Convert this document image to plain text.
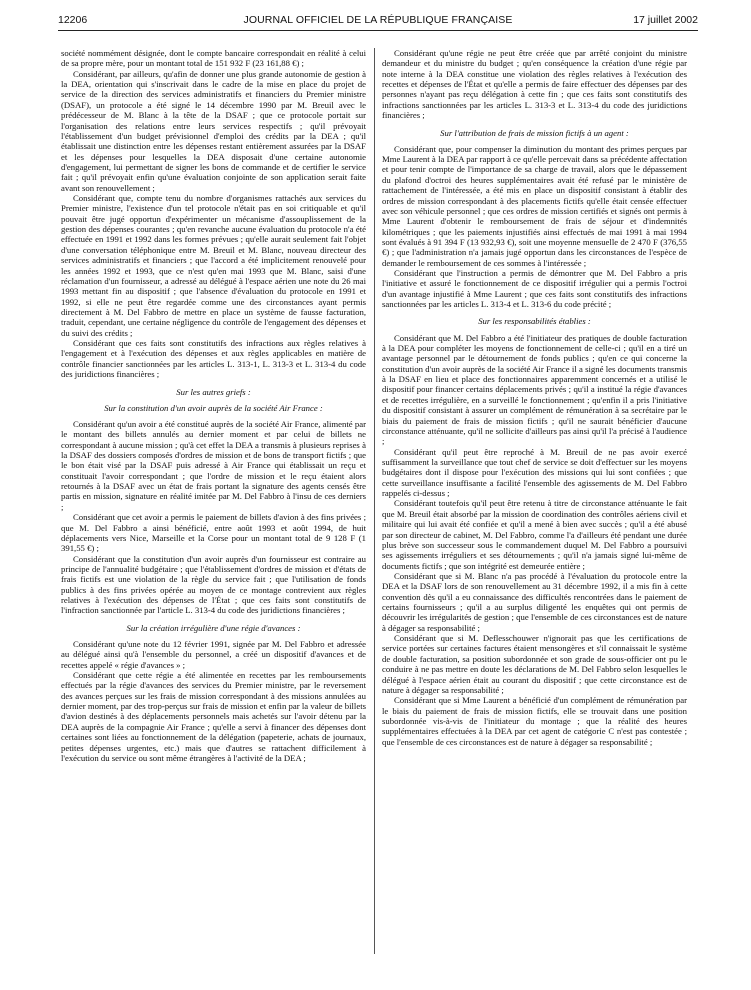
JOURNAL OFFICIEL DE LA RÉPUBLIQUE FRANÇAISE
12206	17 juillet 2002

société nommément désignée, dont le compte bancaire correspondait en réalité à celui de sa propre mère, pour un montant total de 151 932 F (23 161,88 €) ;

Considérant, par ailleurs, qu'afin de donner une plus grande autonomie de gestion à la DEA, orientation qui s'inscrivait dans le cadre de la mise en place du projet de service de la direction des services administratifs et financiers du Premier ministre (DSAF), un protocole a été signé le 14 décembre 1990 par M. Breuil avec le prédécesseur de M. Blanc à la tête de la DSAF ; que ce protocole portait sur l'organisation des relations entre leurs services respectifs ; qu'il prévoyait l'établissement d'un budget prévisionnel d'emploi des crédits par la DEA ; qu'il établissait une distinction entre les dépenses restant entièrement assurées par la DSAF et les dépenses pour lesquelles la DEA disposait d'une certaine autonomie d'engagement, lui permettant de signer les bons de commande et de certifier le service fait ; qu'il prévoyait enfin qu'une évaluation conjointe de son application serait faite avant son renouvellement ;

Considérant que, compte tenu du nombre d'organismes rattachés aux services du Premier ministre, l'existence d'un tel protocole n'était pas en soi critiquable et qu'il pouvait être jugé opportun d'expérimenter un mécanisme d'assouplissement de la gestion des dépenses courantes ; qu'en revanche aucune évaluation du protocole n'a été effectuée en 1991 et 1992 dans les formes prévues ; qu'elle aurait seulement fait l'objet d'une conversation téléphonique entre M. Breuil et M. Blanc, nouveau directeur des services administratifs et financiers ; que l'accord a été implicitement renouvelé pour les années 1992 et 1993, que ce n'est qu'en mai 1993 que M. Blanc, saisi d'une réclamation d'un fournisseur, a adressé au délégué à l'espace aérien une note du 26 mai 1993 mettant fin au dispositif ; que l'absence d'évaluation du protocole en 1991 et 1992, si elle ne peut être regardée comme une des circonstances ayant permis directement à M. Del Fabbro de mettre en place un système de fausse facturation, traduit, cependant, une certaine négligence du contrôle de l'engagement des dépenses et du suivi des crédits ;

Considérant que ces faits sont constitutifs des infractions aux règles relatives à l'engagement et à l'exécution des dépenses et aux règles applicables en matière de contrôle financier sanctionnées par les articles L. 313-1, L. 313-3 et L. 313-4 du code des juridictions financières ;

Sur les autres griefs :

Sur la constitution d'un avoir auprès de la société Air France :

Considérant qu'un avoir a été constitué auprès de la société Air France, alimenté par le montant des billets annulés au dernier moment et par celui de billets ne correspondant à aucune mission ; qu'à cet effet la DEA a transmis à plusieurs reprises à la DSAF des dossiers composés d'ordres de mission et de bons de transport fictifs ; que le bon était visé par la DSAF puis adressé à Air France qui établissait un reçu et constituait l'avoir correspondant ; que l'ordre de mission et le reçu étaient alors retournés à la DSAF avec un état de frais portant la signature des agents censés être partis en mission, signature en réalité imitée par M. Del Fabbro à l'insu de ces derniers ;

Considérant que cet avoir a permis le paiement de billets d'avion à des fins privées ; que M. Del Fabbro a ainsi bénéficié, entre août 1993 et août 1994, de huit déplacements vers Nice, Marseille et la Corse pour un montant total de 9 128 F (1 391,55 €) ;

Considérant que la constitution d'un avoir auprès d'un fournisseur est contraire au principe de l'annualité budgétaire ; que l'établissement d'ordres de mission et d'états de frais fictifs est une violation de la règle du service fait ; que l'utilisation de fonds publics à des fins privées opérée au moyen de ce montage contrevient aux règles relatives à l'exécution des dépenses de l'État ; que ces faits sont constitutifs de l'infraction sanctionnée par l'article L. 313-4 du code des juridictions financières ;

Sur la création irrégulière d'une régie d'avances :

Considérant qu'une note du 12 février 1991, signée par M. Del Fabbro et adressée au délégué ainsi qu'à l'ensemble du personnel, a créé un dispositif d'avances et de recettes appelé « régie d'avances » ;

Considérant que cette régie a été alimentée en recettes par les remboursements effectués par la régie d'avances des services du Premier ministre, par le reversement des avances perçues sur les frais de mission correspondant à des missions annulées au dernier moment, par des trop-perçus sur frais de mission et enfin par la valeur de billets d'avion destinés à des déplacements personnels mais achetés sur l'avoir détenu par la DEA auprès de la compagnie Air France ; qu'elle a servi à financer des dépenses dont certaines sont liées au fonctionnement de la délégation (papeterie, achats de journaux, petites dépenses urgentes, etc.) mais que d'autres se rattachent difficilement à l'exécution du service ou sont même étrangères à l'activité de la DEA ;

Considérant qu'une régie ne peut être créée que par arrêté conjoint du ministre demandeur et du ministre du budget ; qu'en conséquence la création d'une régie par note interne à la DEA constitue une violation des règles relatives à l'exécution des recettes et dépenses de l'État et qu'elle a permis de faire effectuer des dépenses par des personnes n'ayant pas reçu délégation à cette fin ; que ces faits sont constitutifs des infractions sanctionnées par les articles L. 313-3 et L. 313-4 du code des juridictions financières ;

Sur l'attribution de frais de mission fictifs à un agent :

Considérant que, pour compenser la diminution du montant des primes perçues par Mme Laurent à la DEA par rapport à ce qu'elle percevait dans sa précédente affectation et pour tenir compte de l'importance de sa charge de travail, alors que le dépassement du plafond d'octroi des heures supplémentaires avait été refusé par le ministère de rattachement de l'intéressée, a été mis en place un dispositif consistant à établir des ordres de mission correspondant à des placements fictifs qu'elle était censée effectuer avec son véhicule personnel ; que ces ordres de mission certifiés et signés ont permis à Mme Laurent d'obtenir le remboursement de frais de séjour et d'indemnités kilométriques ; que les paiements injustifiés ainsi effectués de mai 1991 à mai 1994 sont évalués à 91 394 F (13 932,93 €), soit une moyenne mensuelle de 2 470 F (376,55 €) ; que l'administration n'a jamais jugé opportun dans les circonstances de l'espèce de demander le remboursement de ces sommes à l'intéressée ;

Considérant que l'instruction a permis de démontrer que M. Del Fabbro a pris l'initiative et assuré le fonctionnement de ce dispositif irrégulier qui a permis l'octroi d'un avantage injustifié à Mme Laurent ; que ces faits sont constitutifs des infractions sanctionnées par les articles L. 313-4 et L. 313-6 du code précité ;

Sur les responsabilités établies :

Considérant que M. Del Fabbro a été l'initiateur des pratiques de double facturation à la DEA pour compléter les moyens de fonctionnement de celle-ci ; qu'il en a tiré un avantage personnel par le détournement de fonds publics ; qu'en ce qui concerne la constitution d'un avoir auprès de la société Air France il a signé les documents transmis à la DSAF en lieu et place des fonctionnaires apparemment concernés et a utilisé le dispositif pour financer certains déplacements privés ; qu'il a institué la régie d'avances et de recettes irrégulière, en a surveillé le fonctionnement ; qu'enfin il a pris l'initiative du dispositif consistant à assurer un complément de rémunération à sa secrétaire par le biais du paiement de frais de mission fictifs ; qu'il ne saurait bénéficier d'aucune circonstance atténuante, qu'il ne sollicite d'ailleurs pas ainsi qu'il l'a précisé à l'audience ;

Considérant qu'il peut être reproché à M. Breuil de ne pas avoir exercé suffisamment la surveillance que tout chef de service se doit d'effectuer sur les moyens budgétaires dont il dispose pour l'exécution des missions qui lui sont confiées ; que cette surveillance insuffisante a facilité l'ensemble des agissements de M. Del Fabbro rappelés ci-dessus ;

Considérant toutefois qu'il peut être retenu à titre de circonstance atténuante le fait que M. Breuil était absorbé par la mission de coordination des contrôles aériens civil et militaire qui lui avait été confiée et qu'il a mené à bien avec succès ; qu'il a été abusé par son directeur de cabinet, M. Del Fabbro, comme l'a d'ailleurs été pendant une durée plus brève son successeur sous le commandement duquel M. Del Fabbro a poursuivi ses agissements irréguliers et ses détournements ; qu'il n'a jamais signé lui-même de documents fictifs ; que son intégrité est demeurée entière ;

Considérant que si M. Blanc n'a pas procédé à l'évaluation du protocole entre la DEA et la DSAF lors de son renouvellement au 31 décembre 1992, il a mis fin à cette convention dès qu'il a eu connaissance des difficultés rencontrées dans le paiement de certains fournisseurs ; qu'il a au surplus diligenté les enquêtes qui ont permis de découvrir les irrégularités de gestion ; que l'ensemble de ces circonstances est de nature à dégager sa responsabilité ;

Considérant que si M. Deflesschouwer n'ignorait pas que les certifications de service portées sur certaines factures étaient mensongères et s'il connaissait le système de double facturation, sa position subordonnée et son grade de sous-officier ont pu le conduire à ne pas mettre en doute les déclarations de M. Del Fabbro selon lesquelles le délégué à l'espace aérien était au courant du dispositif ; que cette circonstance est de nature à dégager sa responsabilité ;

Considérant que si Mme Laurent a bénéficié d'un complément de rémunération par le biais du paiement de frais de mission fictifs, elle se trouvait dans une position subordonnée vis-à-vis de l'initiateur du montage ; que la réalité des heures supplémentaires effectuées à la DEA par cet agent de catégorie C n'est pas contestée ; que l'ensemble de ces circonstances est de nature à dégager sa responsabilité ;
